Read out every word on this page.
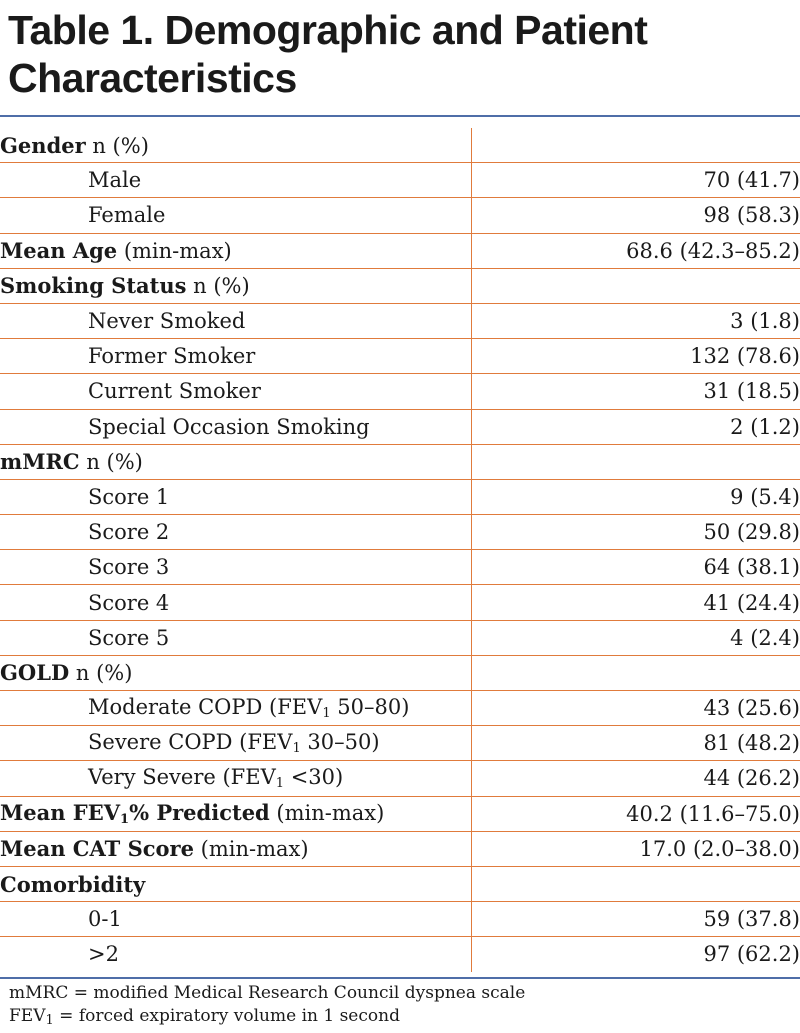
Table 1. Demographic and Patient Characteristics
Gender n (%)	
Male	70 (41.7)
Female	98 (58.3)
Mean Age (min-max)	68.6 (42.3–85.2)
Smoking Status n (%)	
Never Smoked	3 (1.8)
Former Smoker	132 (78.6)
Current Smoker	31 (18.5)
Special Occasion Smoking	2 (1.2)
mMRC n (%)	
Score 1	9 (5.4)
Score 2	50 (29.8)
Score 3	64 (38.1)
Score 4	41 (24.4)
Score 5	4 (2.4)
GOLD n (%)	
Moderate COPD ($FEV_1$ 50–80)	43 (25.6)
Severe COPD ($FEV_1$ 30–50)	81 (48.2)
Very Severe $(FEV_1 <30)$	44 (26.2)
Mean $FEV_1\%$ Predicted (min-max)	40.2 (11.6–75.0)
Mean CAT Score (min-max)	17.0 (2.0–38.0)
Comorbidity	
0-1	59 (37.8)
>2	97 (62.2)
mMRC = modified Medical Research Council dyspnea scale
$FEV_1$ = forced expiratory volume in 1 second
